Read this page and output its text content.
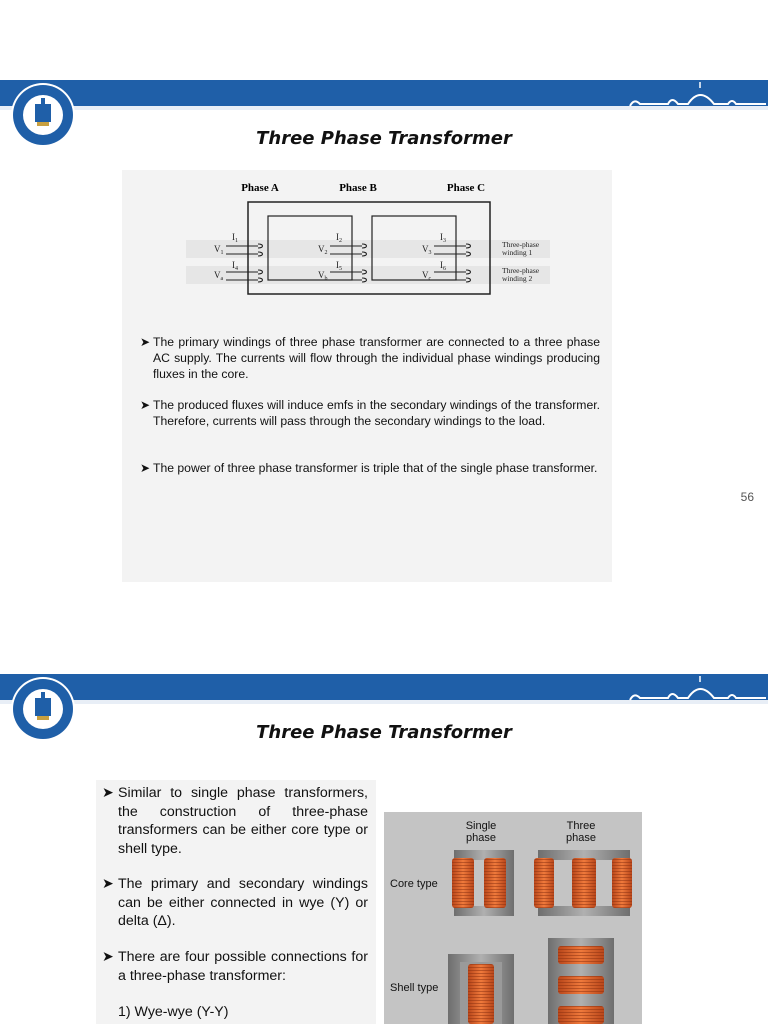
Three Phase Transformer
Phase A	Phase B	Phase C
$V_1$
$I_1$
$V_a$
$I_4$
$V_2$
$I_2$
$V_b$
$I_5$
$V_3$
$I_3$
$V_c$
$I_6$
Three-phase
winding 1
Three-phase
winding 2
➤ The primary windings of three phase transformer are connected to a three phase AC supply. The currents will flow through the individual phase windings producing fluxes in the core.
➤ The produced fluxes will induce emfs in the secondary windings of the transformer. Therefore, currents will pass through the secondary windings to the load.
➤ The power of three phase transformer is triple that of the single phase transformer.
56
Three Phase Transformer
➤ Similar to single phase transformers, the construction of three-phase transformers can be either core type or shell type.
➤ The primary and secondary windings can be either connected in wye (Y) or delta (Δ).
➤ There are four possible connections for a three-phase transformer:
1) Wye-wye (Y-Y)
Single
phase
Three
phase
Core type
Shell type
